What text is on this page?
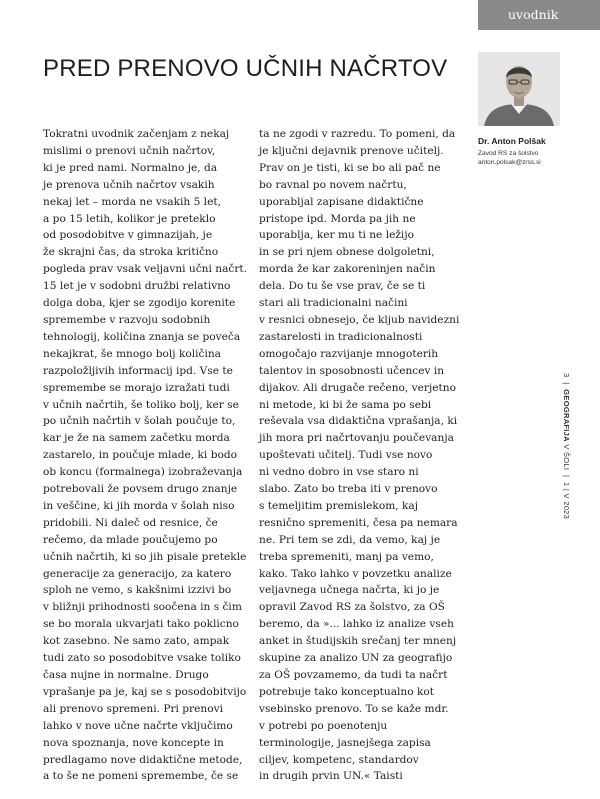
uvodnik
PRED PRENOVO UČNIH NAČRTOV
Dr. Anton Polšak
Zavod RS za šolstvo
anton.polsak@zrss.si
Tokratni uvodnik začenjam z nekaj
mislimi o prenovi učnih načrtov,
ki je pred nami. Normalno je, da
je prenova učnih načrtov vsakih
nekaj let – morda ne vsakih 5 let,
a po 15 letih, kolikor je preteklo
od posodobitve v gimnazijah, je
že skrajni čas, da stroka kritično
pogleda prav vsak veljavni učni načrt.
15 let je v sodobni družbi relativno
dolga doba, kjer se zgodijo korenite
spremembe v razvoju sodobnih
tehnologij, količina znanja se poveča
nekajkrat, še mnogo bolj količina
razpoložljivih informacij ipd. Vse te
spremembe se morajo izražati tudi
v učnih načrtih, še toliko bolj, ker se
po učnih načrtih v šolah poučuje to,
kar je že na samem začetku morda
zastarelo, in poučuje mlade, ki bodo
ob koncu (formalnega) izobraževanja
potrebovali že povsem drugo znanje
in veščine, ki jih morda v šolah niso
pridobili. Ni daleč od resnice, če
rečemo, da mlade poučujemo po
učnih načrtih, ki so jih pisale pretekle
generacije za generacijo, za katero
sploh ne vemo, s kakšnimi izzivi bo
v bližnji prihodnosti soočena in s čim
se bo morala ukvarjati tako poklicno
kot zasebno. Ne samo zato, ampak
tudi zato so posodobitve vsake toliko
časa nujne in normalne. Drugo
vprašanje pa je, kaj se s posodobitvijo
ali prenovo spremeni. Pri prenovi
lahko v nove učne načrte vključimo
nova spoznanja, nove koncepte in
predlagamo nove didaktične metode,
a to še ne pomeni spremembe, če se
ta ne zgodi v razredu. To pomeni, da
je ključni dejavnik prenove učitelj.
Prav on je tisti, ki se bo ali pač ne
bo ravnal po novem načrtu,
uporabljal zapisane didaktične
pristope ipd. Morda pa jih ne
uporablja, ker mu ti ne ležijo
in se pri njem obnese dolgoletni,
morda že kar zakoreninjen način
dela. Do tu še vse prav, če se ti
stari ali tradicionalni načini
v resnici obnesejo, če kljub navidezni
zastarelosti in tradicionalnosti
omogočajo razvijanje mnogoterih
talentov in sposobnosti učencev in
dijakov. Ali drugače rečeno, verjetno
ni metode, ki bi že sama po sebi
reševala vsa didaktična vprašanja, ki
jih mora pri načrtovanju poučevanja
upoštevati učitelj. Tudi vse novo
ni vedno dobro in vse staro ni
slabo. Zato bo treba iti v prenovo
s temeljitim premislekom, kaj
resnično spremeniti, česa pa nemara
ne. Pri tem se zdi, da vemo, kaj je
treba spremeniti, manj pa vemo,
kako. Tako lahko v povzetku analize
veljavnega učnega načrta, ki jo je
opravil Zavod RS za šolstvo, za OŠ
beremo, da »... lahko iz analize vseh
anket in študijskih srečanj ter mnenj
skupine za analizo UN za geografijo
za OŠ povzamemo, da tudi ta načrt
potrebuje tako konceptualno kot
vsebinsko prenovo. To se kaže mdr.
v potrebi po poenotenju
terminologije, jasnejšega zapisa
ciljev, kompetenc, standardov
in drugih prvin UN.« Taisti
3  |  GEOGRAFIJA V ŠOLI  |  1 | V 2023
